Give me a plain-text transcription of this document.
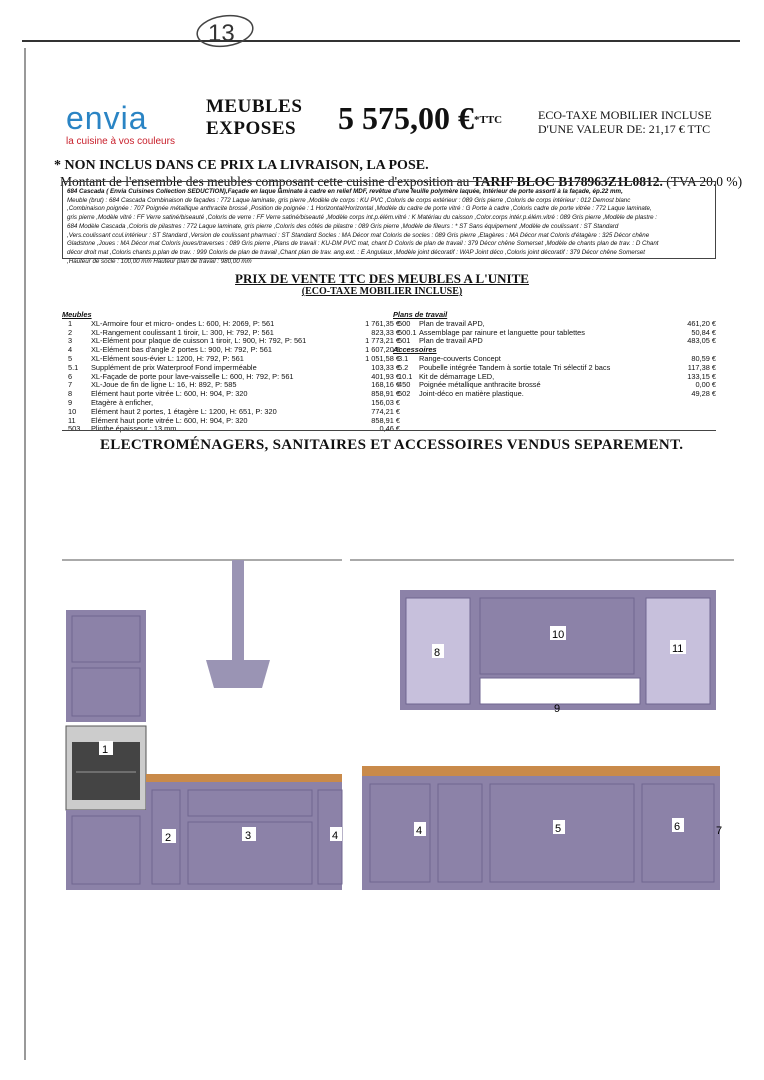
13
envia
la cuisine à vos couleurs
MEUBLES
EXPOSES 5 575,00 €*TTC	ECO-TAXE MOBILIER INCLUSE
D'UNE VALEUR DE: 21,17 € TTC
* NON INCLUS DANS CE PRIX LA LIVRAISON, LA POSE.
Montant de l'ensemble des meubles composant cette cuisine d'exposition au TARIF BLOC B178963Z1L0812. (TVA 20.0 %)
684 Cascada ( Envia Cuisines Collection SEDUCTION),Façade en laque laminate à cadre en relief MDF, revêtue d'une feuille polymère laquée, Intérieur de porte assorti à la façade, ép.22 mm,
Meuble (brut) : 684 Cascada Combinaison de façades : 772 Laque laminate, gris pierre ,Modèle de corps : KU PVC ,Coloris de corps extérieur : 089 Gris pierre ,Coloris de corps intérieur : 012 Demost blanc
,Combinaison poignée : 707 Poignée métallique anthracite brossé ,Position de poignée : 1 Horizontal/Horizontal ,Modèle du cadre de porte vitré : G Porte à cadre ,Coloris cadre de porte vitrée : 772 Laque laminate,
gris pierre ,Modèle vitré : FF Verre satiné/biseauté ,Coloris de verre : FF Verre satiné/biseauté ,Modèle corps int.p.élém.vitré : K Matériau du caisson ,Color.corps intér.p.élém.vitré : 089 Gris pierre ,Modèle de plastre :
684 Modèle Cascada ,Coloris de pilastres : 772 Laque laminate, gris pierre ,Coloris des côtés de pilastre : 089 Gris pierre ,Modèle de fileurs : * ST Sans équipement ,Modèle de coulissant : ST Standard
,Vers.coulissant ccul.intérieur : ST Standard ,Version de coulissant pharmaci : ST Standard Socles : MA Décor mat Coloris de socles : 089 Gris pierre ,Etagères : MA Décor mat Coloris d'étagère : 325 Décor chêne
Gladstone ,Joues : MA Décor mat Coloris joues/traverses : 089 Gris pierre ,Plans de travail : KU-DM PVC mat, chant D Coloris de plan de travail : 379 Décor chêne Somerset ,Modèle de chants plan de trav. : D Chant
décor droit mat ,Coloris chants p.plan de trav. : 999 Coloris de plan de travail ,Chant plan de trav. ang.ext. : E Angulaux ,Modèle joint décoratif : WAP Joint déco ,Coloris joint décoratif : 379 Décor chêne Somerset
,Hauteur de socle : 100,00 mm Hauteur plan de travail : 980,00 mm
PRIX DE VENTE TTC DES MEUBLES A L'UNITE
(ECO-TAXE MOBILIER INCLUSE)
Meubles
1	XL-Armoire four et micro- ondes L: 600, H: 2069, P: 561	1 761,35 €
2	XL-Rangement coulissant 1 tiroir, L: 300, H: 792, P: 561	823,33 €
3	XL-Elément pour plaque de cuisson 1 tiroir, L: 900, H: 792, P: 561	1 773,21 €
4	XL-Elément bas d'angle 2 portes L: 900, H: 792, P: 561	1 607,20 €
5	XL-Elément sous-évier L: 1200, H: 792, P: 561	1 051,58 €
5.1	Supplément de prix Waterproof Fond imperméable	103,33 €
6	XL-Façade de porte pour lave-vaisselle L: 600, H: 792, P: 561	401,93 €
7	XL-Joue de fin de ligne L: 16, H: 892, P: 585	168,16 €
8	Elément haut porte vitrée L: 600, H: 904, P: 320	858,91 €
9	Etagère à enficher,	156,03 €
10	Elément haut 2 portes, 1 étagère L: 1200, H: 651, P: 320	774,21 €
11	Elément haut porte vitrée L: 600, H: 904, P: 320	858,91 €
503	Plinthe épaisseur : 13 mm	0,46 €
Plans de travail
500	Plan de travail APD,	461,20 €
500.1 Assemblage par rainure et languette pour tablettes	50,84 €
501	Plan de travail APD	483,05 €
Accessoires
3.1	Range-couverts Concept	80,59 €
5.2	Poubelle intégrée Tandem à sortie totale Tri sélectif 2 bacs	117,38 €
10.1 Kit de démarrage LED,	133,15 €
450	Poignée métallique anthracite brossé	0,00 €
502	Joint-déco en matière plastique.	49,28 €
ELECTROMÉNAGERS, SANITAIRES ET ACCESSOIRES VENDUS SEPAREMENT.
1
2	3	4
10
8	11
9
4	5	6	7
